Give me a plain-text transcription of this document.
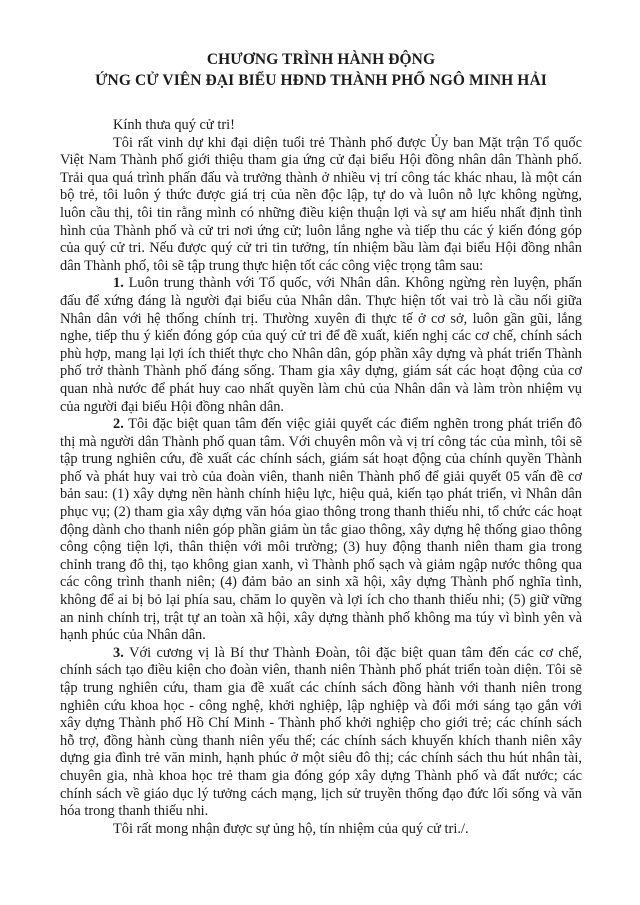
CHƯƠNG TRÌNH HÀNH ĐỘNG
ỨNG CỬ VIÊN ĐẠI BIỂU HĐND THÀNH PHỐ NGÔ MINH HẢI

Kính thưa quý cử tri!

Tôi rất vinh dự khi đại diện tuổi trẻ Thành phố được Ủy ban Mặt trận Tổ quốc Việt Nam Thành phố giới thiệu tham gia ứng cử đại biểu Hội đồng nhân dân Thành phố. Trải qua quá trình phấn đấu và trưởng thành ở nhiều vị trí công tác khác nhau, là một cán bộ trẻ, tôi luôn ý thức được giá trị của nền độc lập, tự do và luôn nỗ lực không ngừng, luôn cầu thị, tôi tin rằng mình có những điều kiện thuận lợi và sự am hiểu nhất định tình hình của Thành phố và cử tri nơi ứng cử; luôn lắng nghe và tiếp thu các ý kiến đóng góp của quý cử tri. Nếu được quý cử tri tin tưởng, tín nhiệm bầu làm đại biểu Hội đồng nhân dân Thành phố, tôi sẽ tập trung thực hiện tốt các công việc trọng tâm sau:

1. Luôn trung thành với Tổ quốc, với Nhân dân. Không ngừng rèn luyện, phấn đấu để xứng đáng là người đại biểu của Nhân dân. Thực hiện tốt vai trò là cầu nối giữa Nhân dân với hệ thống chính trị. Thường xuyên đi thực tế ở cơ sở, luôn gần gũi, lắng nghe, tiếp thu ý kiến đóng góp của quý cử tri để đề xuất, kiến nghị các cơ chế, chính sách phù hợp, mang lại lợi ích thiết thực cho Nhân dân, góp phần xây dựng và phát triển Thành phố trở thành Thành phố đáng sống. Tham gia xây dựng, giám sát các hoạt động của cơ quan nhà nước để phát huy cao nhất quyền làm chủ của Nhân dân và làm tròn nhiệm vụ của người đại biểu Hội đồng nhân dân.

2. Tôi đặc biệt quan tâm đến việc giải quyết các điểm nghẽn trong phát triển đô thị mà người dân Thành phố quan tâm. Với chuyên môn và vị trí công tác của mình, tôi sẽ tập trung nghiên cứu, đề xuất các chính sách, giám sát hoạt động của chính quyền Thành phố và phát huy vai trò của đoàn viên, thanh niên Thành phố để giải quyết 05 vấn đề cơ bản sau: (1) xây dựng nền hành chính hiệu lực, hiệu quả, kiến tạo phát triển, vì Nhân dân phục vụ; (2) tham gia xây dựng văn hóa giao thông trong thanh thiếu nhi, tổ chức các hoạt động dành cho thanh niên góp phần giảm ùn tắc giao thông, xây dựng hệ thống giao thông công cộng tiện lợi, thân thiện với môi trường; (3) huy động thanh niên tham gia trong chỉnh trang đô thị, tạo không gian xanh, vì Thành phố sạch và giảm ngập nước thông qua các công trình thanh niên; (4) đảm bảo an sinh xã hội, xây dựng Thành phố nghĩa tình, không để ai bị bỏ lại phía sau, chăm lo quyền và lợi ích cho thanh thiếu nhi; (5) giữ vững an ninh chính trị, trật tự an toàn xã hội, xây dựng thành phố không ma túy vì bình yên và hạnh phúc của Nhân dân.

3. Với cương vị là Bí thư Thành Đoàn, tôi đặc biệt quan tâm đến các cơ chế, chính sách tạo điều kiện cho đoàn viên, thanh niên Thành phố phát triển toàn diện. Tôi sẽ tập trung nghiên cứu, tham gia đề xuất các chính sách đồng hành với thanh niên trong nghiên cứu khoa học - công nghệ, khởi nghiệp, lập nghiệp và đổi mới sáng tạo gắn với xây dựng Thành phố Hồ Chí Minh - Thành phố khởi nghiệp cho giới trẻ; các chính sách hỗ trợ, đồng hành cùng thanh niên yếu thế; các chính sách khuyến khích thanh niên xây dựng gia đình trẻ văn minh, hạnh phúc ở một siêu đô thị; các chính sách thu hút nhân tài, chuyên gia, nhà khoa học trẻ tham gia đóng góp xây dựng Thành phố và đất nước; các chính sách về giáo dục lý tưởng cách mạng, lịch sử truyền thống đạo đức lối sống và văn hóa trong thanh thiếu nhi.

Tôi rất mong nhận được sự ủng hộ, tín nhiệm của quý cử tri./.
